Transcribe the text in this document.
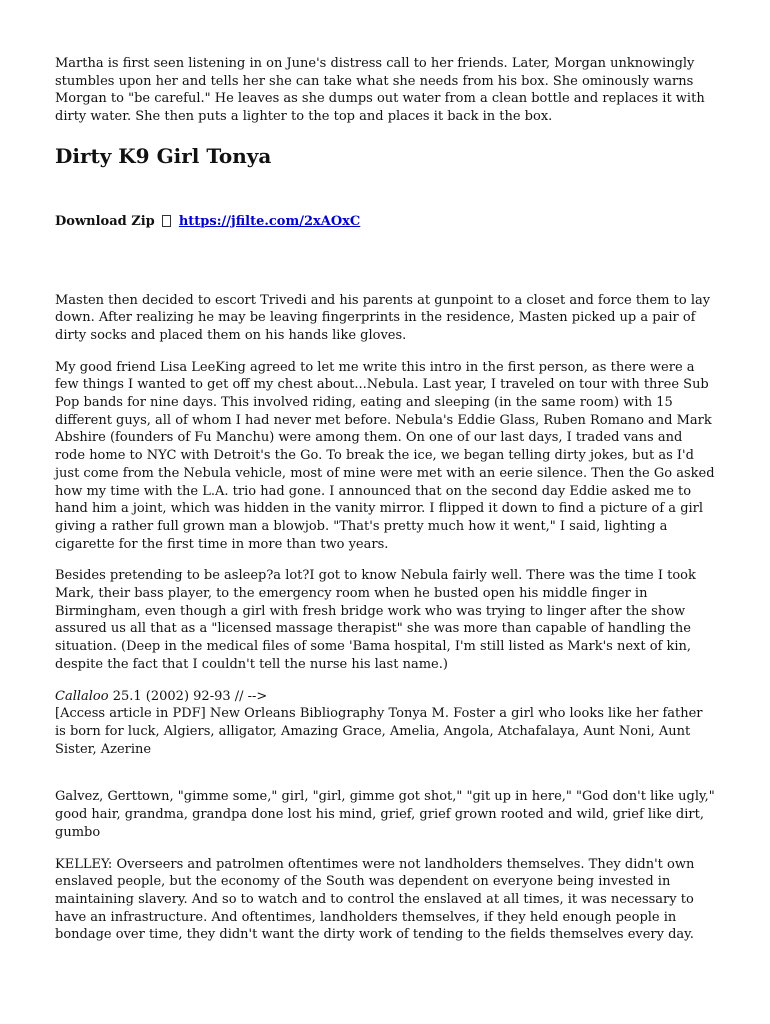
Martha is first seen listening in on June's distress call to her friends. Later, Morgan unknowingly stumbles upon her and tells her she can take what she needs from his box. She ominously warns Morgan to "be careful." He leaves as she dumps out water from a clean bottle and replaces it with dirty water. She then puts a lighter to the top and places it back in the box.

Dirty K9 Girl Tonya
Download Zip https://jfilte.com/2xAOxC

Masten then decided to escort Trivedi and his parents at gunpoint to a closet and force them to lay down. After realizing he may be leaving fingerprints in the residence, Masten picked up a pair of dirty socks and placed them on his hands like gloves.

My good friend Lisa LeeKing agreed to let me write this intro in the first person, as there were a few things I wanted to get off my chest about...Nebula. Last year, I traveled on tour with three Sub Pop bands for nine days. This involved riding, eating and sleeping (in the same room) with 15 different guys, all of whom I had never met before. Nebula's Eddie Glass, Ruben Romano and Mark Abshire (founders of Fu Manchu) were among them. On one of our last days, I traded vans and rode home to NYC with Detroit's the Go. To break the ice, we began telling dirty jokes, but as I'd just come from the Nebula vehicle, most of mine were met with an eerie silence. Then the Go asked how my time with the L.A. trio had gone. I announced that on the second day Eddie asked me to hand him a joint, which was hidden in the vanity mirror. I flipped it down to find a picture of a girl giving a rather full grown man a blowjob. "That's pretty much how it went," I said, lighting a cigarette for the first time in more than two years.

Besides pretending to be asleep?a lot?I got to know Nebula fairly well. There was the time I took Mark, their bass player, to the emergency room when he busted open his middle finger in Birmingham, even though a girl with fresh bridge work who was trying to linger after the show assured us all that as a "licensed massage therapist" she was more than capable of handling the situation. (Deep in the medical files of some 'Bama hospital, I'm still listed as Mark's next of kin, despite the fact that I couldn't tell the nurse his last name.)

Callaloo 25.1 (2002) 92-93 // -->
[Access article in PDF] New Orleans Bibliography Tonya M. Foster a girl who looks like her father is born for luck, Algiers, alligator, Amazing Grace, Amelia, Angola, Atchafalaya, Aunt Noni, Aunt Sister, Azerine

Galvez, Gerttown, "gimme some," girl, "girl, gimme got shot," "git up in here," "God don't like ugly," good hair, grandma, grandpa done lost his mind, grief, grief grown rooted and wild, grief like dirt, gumbo

KELLEY: Overseers and patrolmen oftentimes were not landholders themselves. They didn't own enslaved people, but the economy of the South was dependent on everyone being invested in maintaining slavery. And so to watch and to control the enslaved at all times, it was necessary to have an infrastructure. And oftentimes, landholders themselves, if they held enough people in bondage over time, they didn't want the dirty work of tending to the fields themselves every day.
